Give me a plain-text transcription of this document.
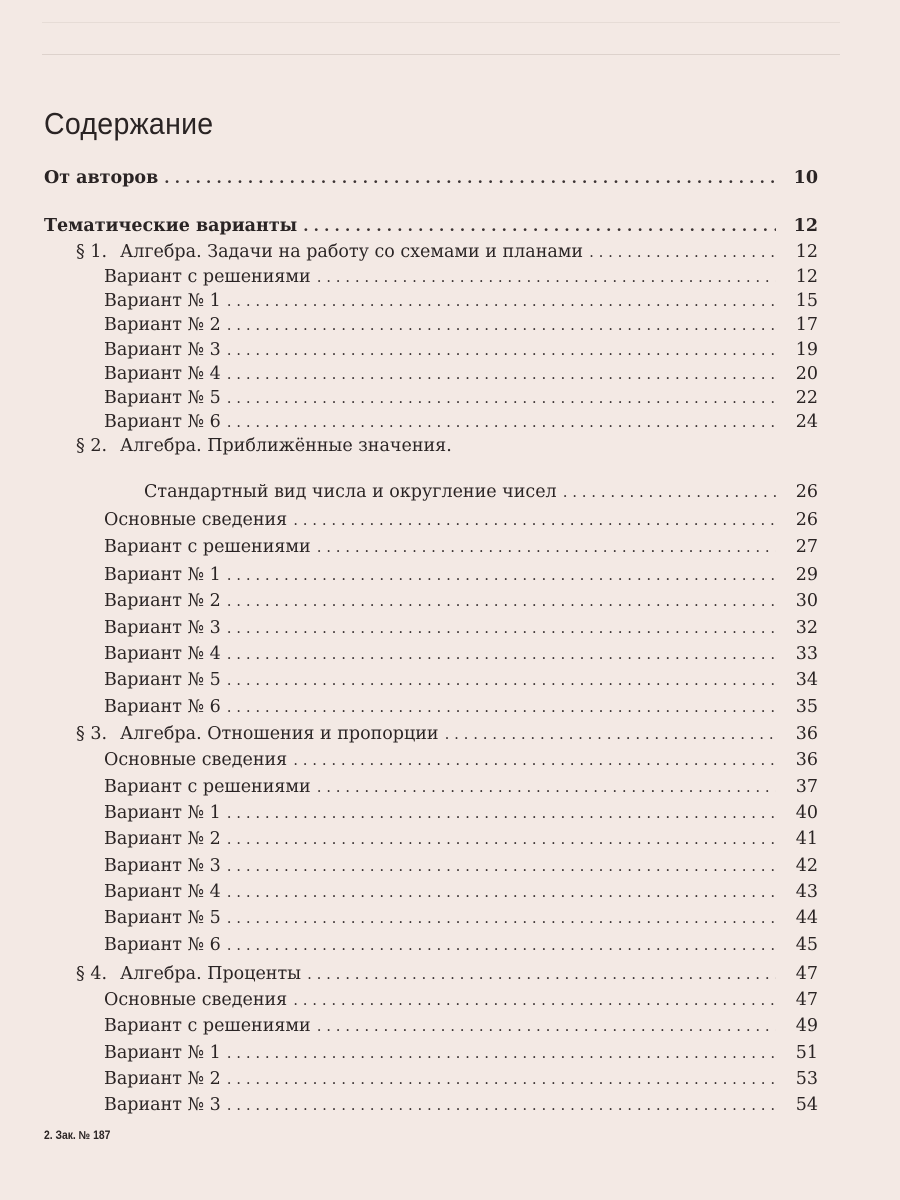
Содержание
От авторов . . .	10
Тематические варианты . . .	12
§ 1. Алгебра. Задачи на работу со схемами и планами . . .	12
Вариант с решениями . . .	12
Вариант № 1 . . .	15
Вариант № 2 . . .	17
Вариант № 3 . . .	19
Вариант № 4 . . .	20
Вариант № 5 . . .	22
Вариант № 6 . . .	24
§ 2. Алгебра. Приближённые значения.
Стандартный вид числа и округление чисел . . .	26
Основные сведения . . .	26
Вариант с решениями . . .	27
Вариант № 1 . . .	29
Вариант № 2 . . .	30
Вариант № 3 . . .	32
Вариант № 4 . . .	33
Вариант № 5 . . .	34
Вариант № 6 . . .	35
§ 3. Алгебра. Отношения и пропорции . . .	36
Основные сведения . . .	36
Вариант с решениями . . .	37
Вариант № 1 . . .	40
Вариант № 2 . . .	41
Вариант № 3 . . .	42
Вариант № 4 . . .	43
Вариант № 5 . . .	44
Вариант № 6 . . .	45
§ 4. Алгебра. Проценты . . .	47
Основные сведения . . .	47
Вариант с решениями . . .	49
Вариант № 1 . . .	51
Вариант № 2 . . .	53
Вариант № 3 . . .	54
2. Зак. № 187
